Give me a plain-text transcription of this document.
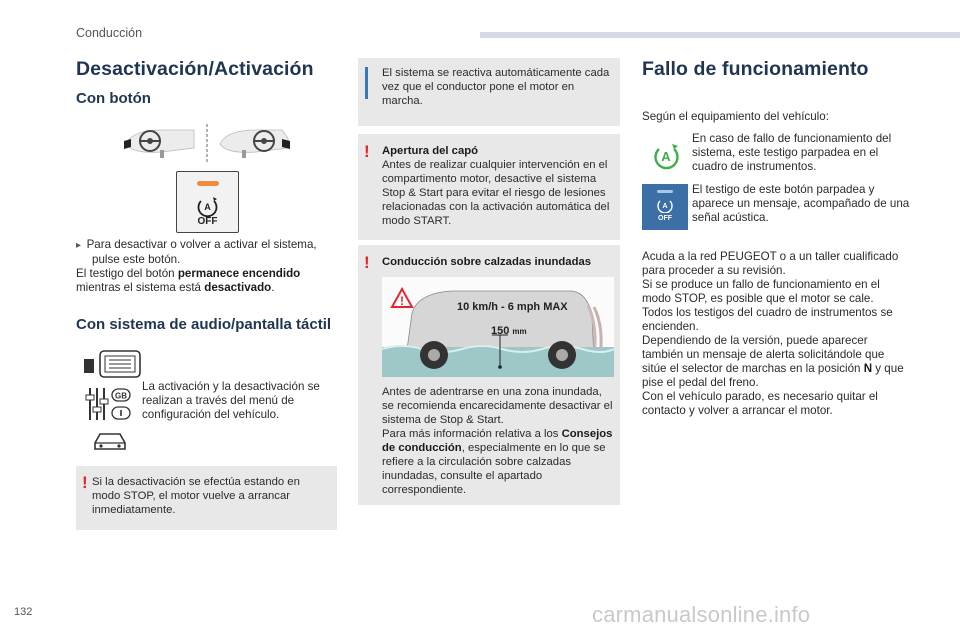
Conducción
Desactivación/Activación
Con botón
A
OFF

▸  Para desactivar o volver a activar el sistema, pulse este botón.

El testigo del botón permanece encendido

mientras el sistema está desactivado.

Con sistema de audio/pantalla táctil
GB

La activación y la desactivación se realizan a través del menú de configuración del vehículo.

! Si la desactivación se efectúa estando en modo STOP, el motor vuelve a arrancar inmediatamente.

El sistema se reactiva automáticamente cada vez que el conductor pone el motor en marcha.

! Apertura del capó
Antes de realizar cualquier intervención en el compartimento motor, desactive el sistema Stop & Start para evitar el riesgo de lesiones relacionadas con la activación automática del modo START.

! Conducción sobre calzadas inundadas

!	10 km/h - 6 mph MAX
150 mm

Antes de adentrarse en una zona inundada, se recomienda encarecidamente desactivar el sistema de Stop & Start.
Para más información relativa a los Consejos de conducción, especialmente en lo que se refiere a la circulación sobre calzadas inundadas, consulte el apartado correspondiente.

Fallo de funcionamiento

Según el equipamiento del vehículo:

A

En caso de fallo de funcionamiento del sistema, este testigo parpadea en el cuadro de instrumentos.

A
OFF

El testigo de este botón parpadea y aparece un mensaje, acompañado de una señal acústica.

Acuda a la red PEUGEOT o a un taller cualificado para proceder a su revisión.

Si se produce un fallo de funcionamiento en el modo STOP, es posible que el motor se cale.

Todos los testigos del cuadro de instrumentos se encienden.

Dependiendo de la versión, puede aparecer también un mensaje de alerta solicitándole que sitúe el selector de marchas en la posición N y que pise el pedal del freno.

Con el vehículo parado, es necesario quitar el contacto y volver a arrancar el motor.

132	carmanualsonline.info
